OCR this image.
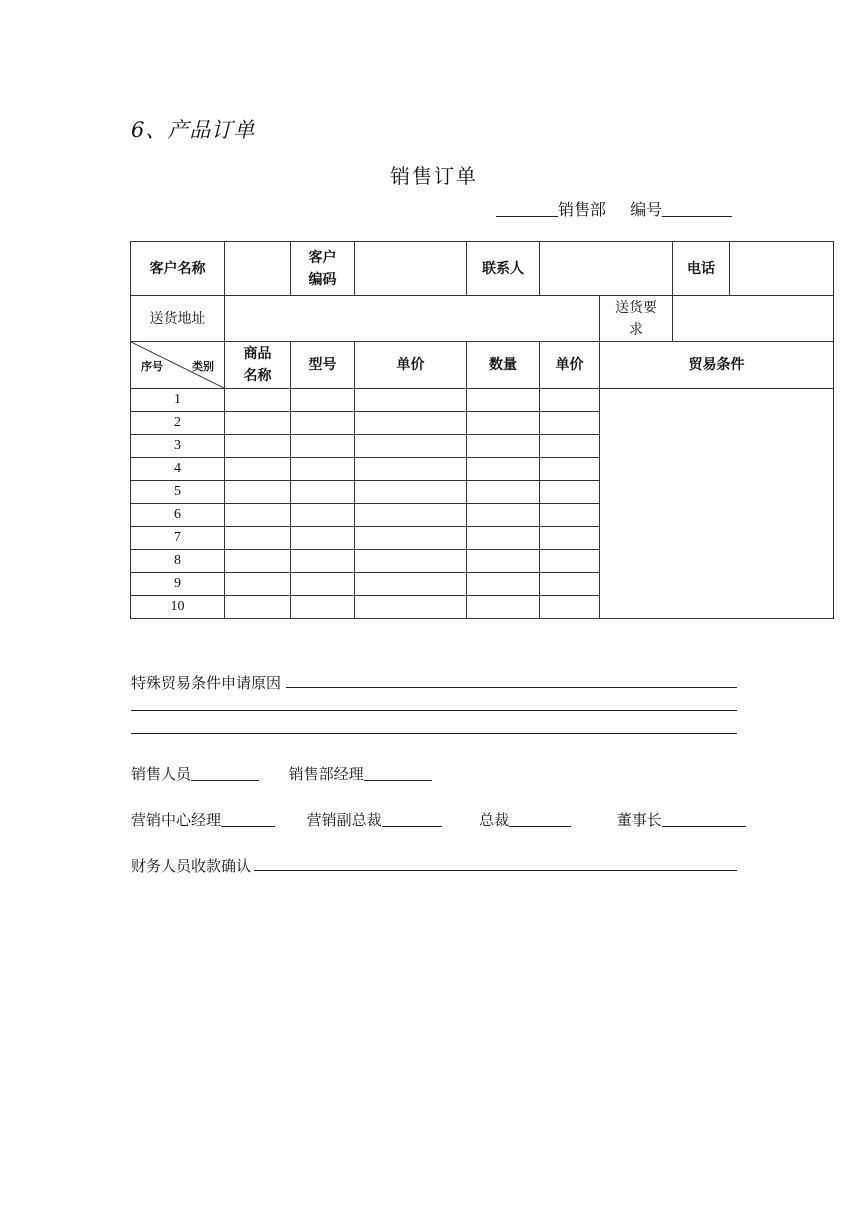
6、产品订单
销售订单
销售部 编号
客户名称		客户编码		联系人			电话	
送货地址						送货要求		

序号 类别	商品名称	型号	单价	数量	单价	贸易条件		
1								
2								
3								
4								
5								
6								
7								
8								
9								
10								
特殊贸易条件申请原因
销售人员	销售部经理
营销中心经理	营销副总裁	总裁	董事长
财务人员收款确认
